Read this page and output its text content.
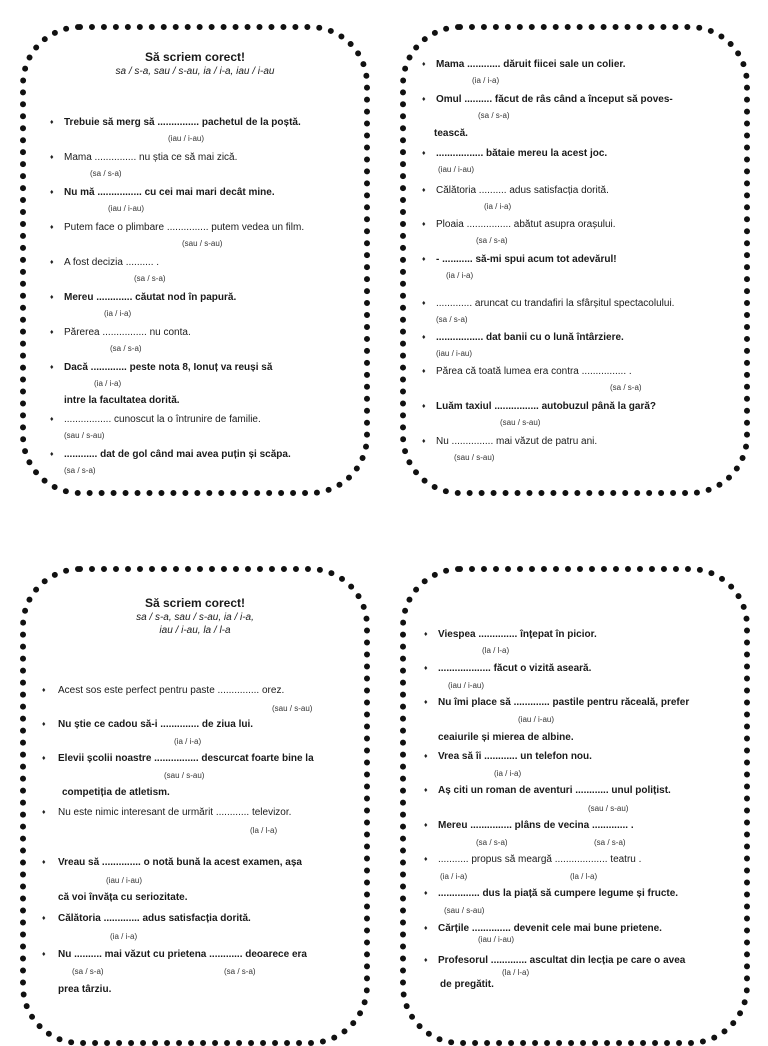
Să scriem corect!
sa / s-a, sau / s-au, ia / i-a, iau / i-au
♦ Trebuie să merg să ............... pachetul de la poștă.
(iau / i-au)
♦ Mama ............... nu știa ce să mai zică.
(sa / s-a)
♦ Nu mă ................ cu cei mai mari decât mine.
(iau / i-au)
♦ Putem face o plimbare ............... putem vedea un film.
(sau / s-au)
♦ A fost decizia .......... .
(sa / s-a)
♦ Mereu ............. căutat nod în papură.
(ia / i-a)
♦ Părerea ................ nu conta.
(sa / s-a)
♦ Dacă ............. peste nota 8, Ionuț va reuși să
(ia / i-a)
intre la facultatea dorită.
♦ ................. cunoscut la o întrunire de familie.
(sau / s-au)
♦ ............ dat de gol când mai avea puțin și scăpa.
(sa / s-a)
♦ Mama ............ dăruit fiicei sale un colier.
(ia / i-a)
♦ Omul .......... făcut de râs când a început să poves-
(sa / s-a)
tească.
♦ ................. bătaie mereu la acest joc.
(iau / i-au)
♦ Călătoria .......... adus satisfacția dorită.
(ia / i-a)
♦ Ploaia ................ abătut asupra orașului.
(sa / s-a)
♦ - ........... să-mi spui acum tot adevărul!
(ia / i-a)
♦ ............. aruncat cu trandafiri la sfârșitul spectacolului.
(sa / s-a)
♦ ................. dat banii cu o lună întârziere.
(iau / i-au)
♦ Părea că toată lumea era contra ................ .
(sa / s-a)
♦ Luăm taxiul ................ autobuzul până la gară?
(sau / s-au)
♦ Nu ............... mai văzut de patru ani.
(sau / s-au)
Să scriem corect!
sa / s-a, sau / s-au, ia / i-a,
iau / i-au, la / l-a
♦ Acest sos este perfect pentru paste ............... orez.
(sau / s-au)
♦ Nu știe ce cadou să-i .............. de ziua lui.
(ia / i-a)
♦ Elevii școlii noastre ................ descurcat foarte bine la
(sau / s-au)
competiția de atletism.
♦ Nu este nimic interesant de urmărit ............ televizor.
(la / l-a)
♦ Vreau să .............. o notă bună la acest examen, așa
(iau / i-au)
că voi învăța cu seriozitate.
♦ Călătoria ............. adus satisfacția dorită.
(ia / i-a)
♦ Nu .......... mai văzut cu prietena ............ deoarece era
(sa / s-a)	(sa / s-a)
prea târziu.
♦ Viespea .............. înțepat în picior.
(la / l-a)
♦ ................... făcut o vizită aseară.
(iau / i-au)
♦ Nu îmi place să ............. pastile pentru răceală, prefer
(iau / i-au)
ceaiurile și mierea de albine.
♦ Vrea să îi ............ un telefon nou.
(ia / i-a)
♦ Aș citi un roman de aventuri ............ unul polițist.
(sau / s-au)
♦ Mereu ............... plâns de vecina ............. .
(sa / s-a)	(sa / s-a)
♦ ........... propus să meargă ................... teatru .
(ia / i-a)	(la / l-a)
♦ ............... dus la piață să cumpere legume și fructe.
(sau / s-au)
♦ Cărțile .............. devenit cele mai bune prietene.
(iau / i-au)
♦ Profesorul ............. ascultat din lecția pe care o avea
(la / l-a)
de pregătit.
